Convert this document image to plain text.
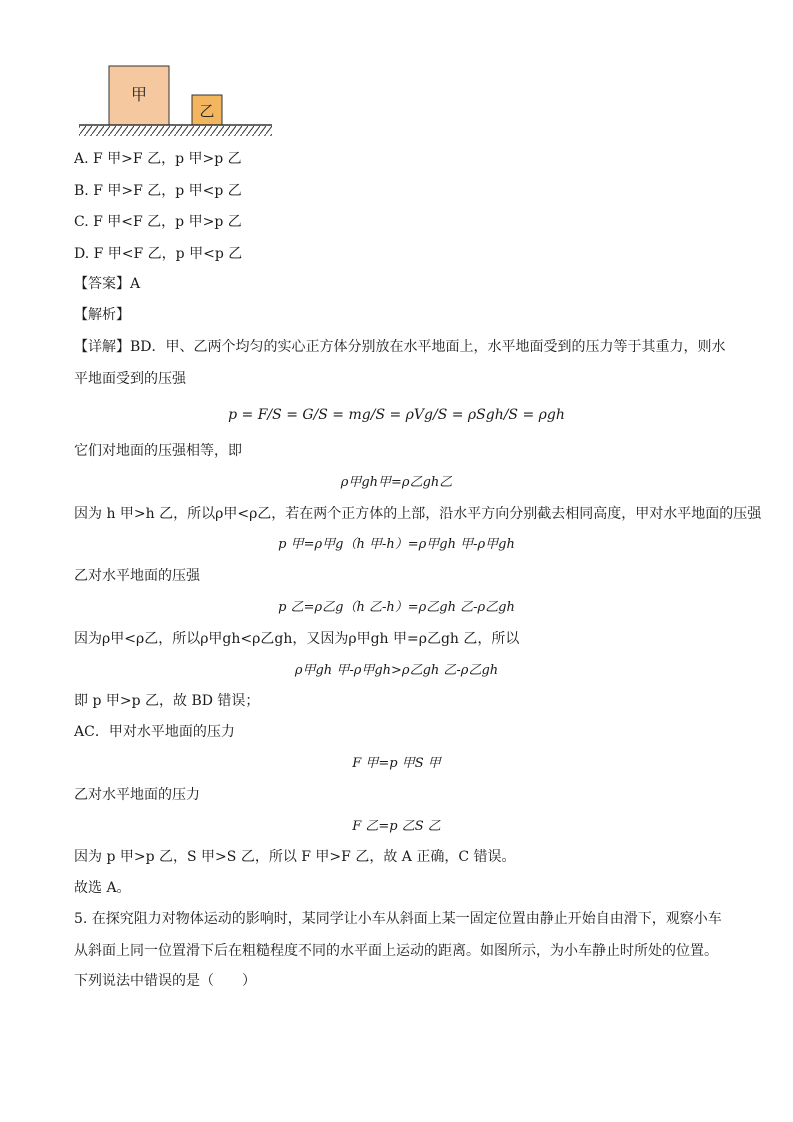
甲
乙
A. F 甲>F 乙，p 甲>p 乙
B. F 甲>F 乙，p 甲<p 乙
C. F 甲<F 乙，p 甲>p 乙
D. F 甲<F 乙，p 甲<p 乙
【答案】A
【解析】
【详解】BD．甲、乙两个均匀的实心正方体分别放在水平地面上，水平地面受到的压力等于其重力，则水
平地面受到的压强
p = F/S = G/S = mg/S = ρVg/S = ρSgh/S = ρgh
它们对地面的压强相等，即
ρ甲gh甲=ρ乙gh乙
因为 h 甲>h 乙，所以ρ甲<ρ乙，若在两个正方体的上部，沿水平方向分别截去相同高度，甲对水平地面的压强
p 甲=ρ甲g（h 甲-h）=ρ甲gh 甲-ρ甲gh
乙对水平地面的压强
p 乙=ρ乙g（h 乙-h）=ρ乙gh 乙-ρ乙gh
因为ρ甲<ρ乙，所以ρ甲gh<ρ乙gh，又因为ρ甲gh 甲=ρ乙gh 乙，所以
ρ甲gh 甲-ρ甲gh>ρ乙gh 乙-ρ乙gh
即 p 甲>p 乙，故 BD 错误；
AC．甲对水平地面的压力
F 甲=p 甲S 甲
乙对水平地面的压力
F 乙=p 乙S 乙
因为 p 甲>p 乙，S 甲>S 乙，所以 F 甲>F 乙，故 A 正确，C 错误。
故选 A。
5. 在探究阻力对物体运动的影响时，某同学让小车从斜面上某一固定位置由静止开始自由滑下，观察小车
从斜面上同一位置滑下后在粗糙程度不同的水平面上运动的距离。如图所示，为小车静止时所处的位置。
下列说法中错误的是（　　）
